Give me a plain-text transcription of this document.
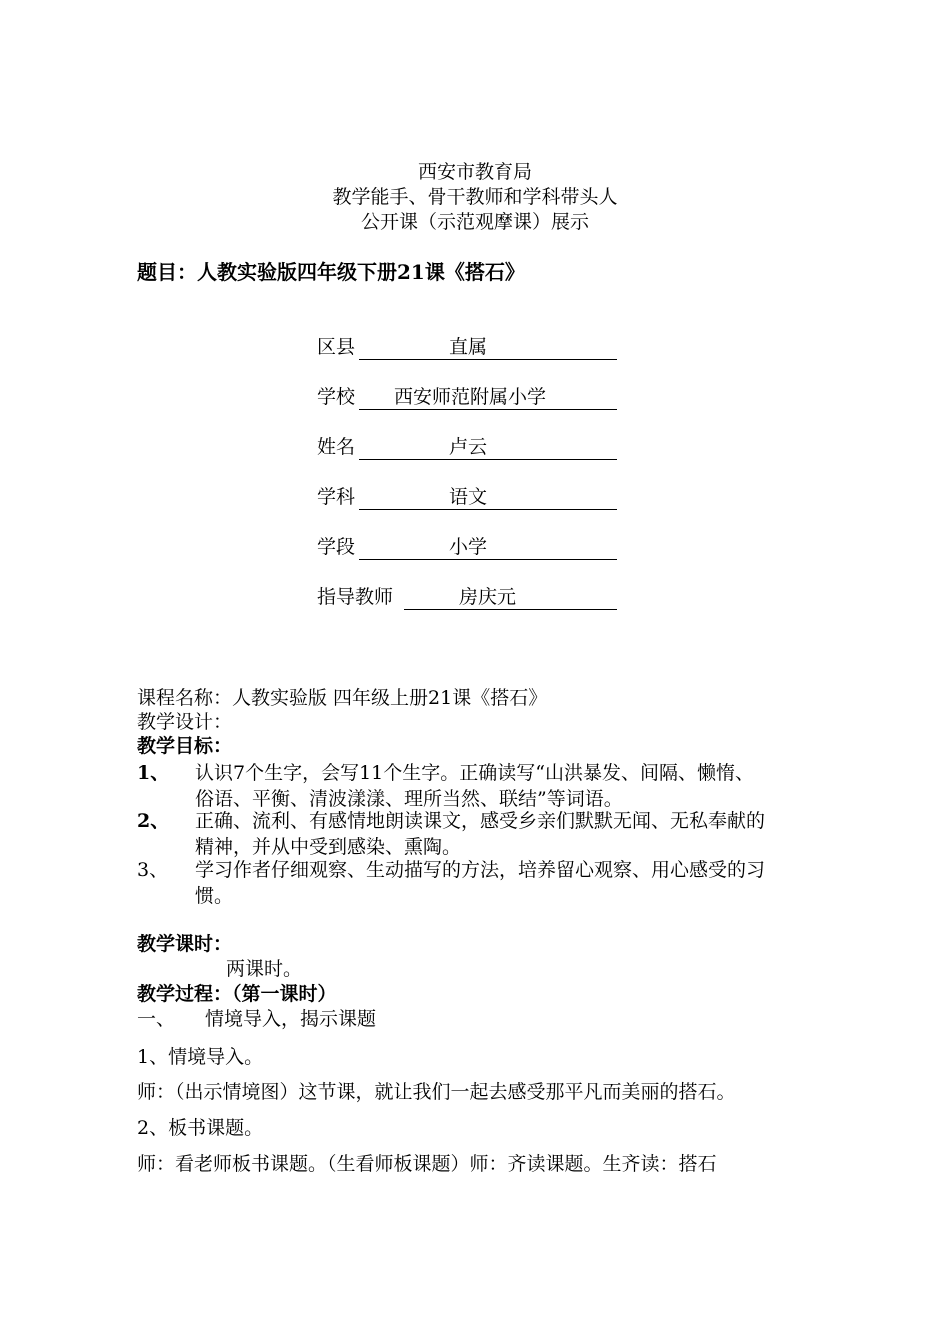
西安市教育局
教学能手、骨干教师和学科带头人
公开课（示范观摩课）展示
题目：人教实验版四年级下册21课《搭石》
区县	直属
学校 西安师范附属小学
姓名	卢云
学科	语文
学段	小学
指导教师	房庆元
课程名称：人教实验版 四年级上册21课《搭石》
教学设计：
教学目标：
1、	认识7个生字，会写11个生字。正确读写“山洪暴发、间隔、懒惰、
俗语、平衡、清波漾漾、理所当然、联结”等词语。
2、	正确、流利、有感情地朗读课文，感受乡亲们默默无闻、无私奉献的
精神，并从中受到感染、熏陶。
3、	学习作者仔细观察、生动描写的方法，培养留心观察、用心感受的习
惯。
教学课时：
两课时。
教学过程：（第一课时）
一、 情境导入，揭示课题
1、情境导入。
师：（出示情境图）这节课，就让我们一起去感受那平凡而美丽的搭石。
2、板书课题。
师：看老师板书课题。（生看师板课题）师：齐读课题。生齐读：搭石
